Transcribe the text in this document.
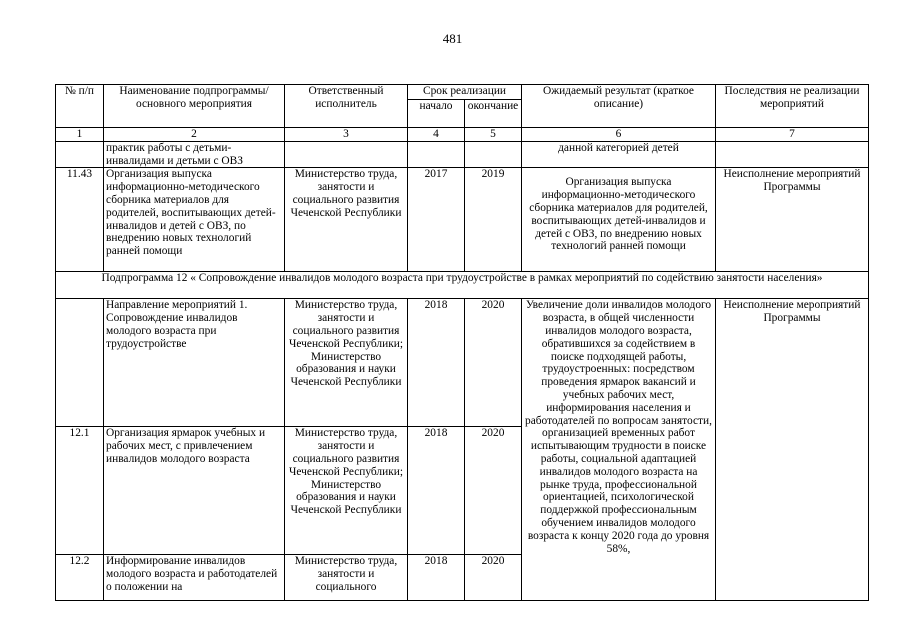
481
№ п/п	Наименование подпрограммы/ основного мероприятия	Ответственный исполнитель	Срок реализации		Ожидаемый результат (краткое описание)	Последствия не реализации мероприятий
			начало	окончание		
1	2	3	4	5	6	7
	практик работы с детьми-инвалидами и детьми с ОВЗ				данной категорией детей	
11.43	Организация выпуска информационно-методического сборника материалов для родителей, воспитывающих детей-инвалидов и детей с ОВЗ, по внедрению новых технологий ранней помощи	Министерство труда, занятости и социального развития Чеченской Республики	2017	2019	Организация выпуска информационно-методического сборника материалов для родителей, воспитывающих детей-инвалидов и детей с ОВЗ, по внедрению новых технологий ранней помощи	Неисполнение мероприятий Программы
Подпрограмма 12 « Сопровождение инвалидов молодого возраста при трудоустройстве в рамках мероприятий по содействию занятости населения»						
	Направление мероприятий 1. Сопровождение инвалидов молодого возраста при трудоустройстве	Министерство труда, занятости и социального развития Чеченской Республики; Министерство образования и науки Чеченской Республики	2018	2020	Увеличение доли инвалидов молодого возраста, в общей численности инвалидов молодого возраста, обратившихся за содействием в поиске подходящей работы, трудоустроенных: посредством проведения ярмарок вакансий и учебных рабочих мест, информирования населения и работодателей по вопросам занятости, организацией временных работ испытывающим трудности в поиске работы, социальной адаптацией инвалидов молодого возраста на рынке труда, профессиональной ориентацией, психологической поддержкой профессиональным обучением инвалидов молодого возраста к концу 2020 года до уровня 58%,	Неисполнение мероприятий Программы
12.1	Организация ярмарок учебных и рабочих мест, с привлечением инвалидов молодого возраста	Министерство труда, занятости и социального развития Чеченской Республики; Министерство образования и науки Чеченской Республики	2018	2020		
12.2	Информирование инвалидов молодого возраста и работодателей о положении на	Министерство труда, занятости и социального	2018	2020		
